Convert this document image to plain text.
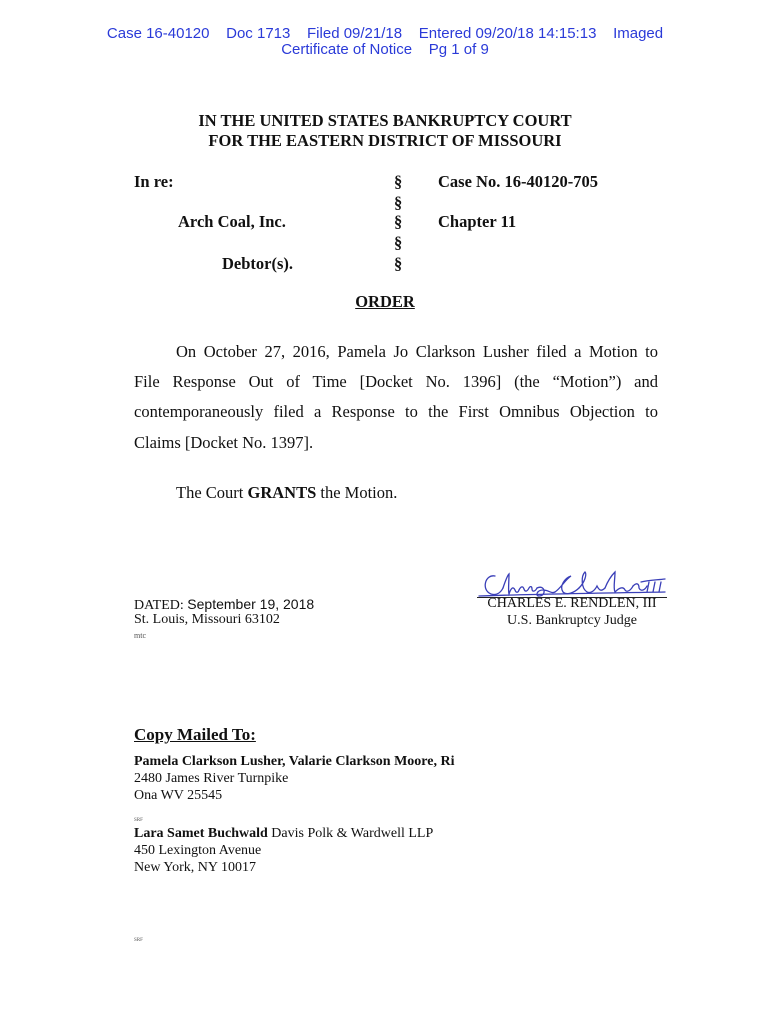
Case 16-40120    Doc 1713    Filed 09/21/18    Entered 09/20/18 14:15:13    Imaged
Certificate of Notice    Pg 1 of 9
IN THE UNITED STATES BANKRUPTCY COURT
FOR THE EASTERN DISTRICT OF MISSOURI
In re:
Arch Coal, Inc.
Debtor(s).
§
§
§
§
§
Case No. 16-40120-705
Chapter 11
ORDER
On October 27, 2016, Pamela Jo Clarkson Lusher filed a Motion to
File Response Out of Time [Docket No. 1396] (the “Motion”) and
contemporaneously filed a Response to the First Omnibus Objection to
Claims [Docket No. 1397].
The Court GRANTS the Motion.
DATED: September 19, 2018
St. Louis, Missouri 63102
mtc
CHARLES E. RENDLEN, III
U.S. Bankruptcy Judge
Copy Mailed To:
Pamela Clarkson Lusher, Valarie Clarkson Moore, Ri
2480 James River Turnpike
Ona WV 25545
SRF
Lara Samet Buchwald Davis Polk & Wardwell LLP
450 Lexington Avenue
New York, NY 10017
SRF
